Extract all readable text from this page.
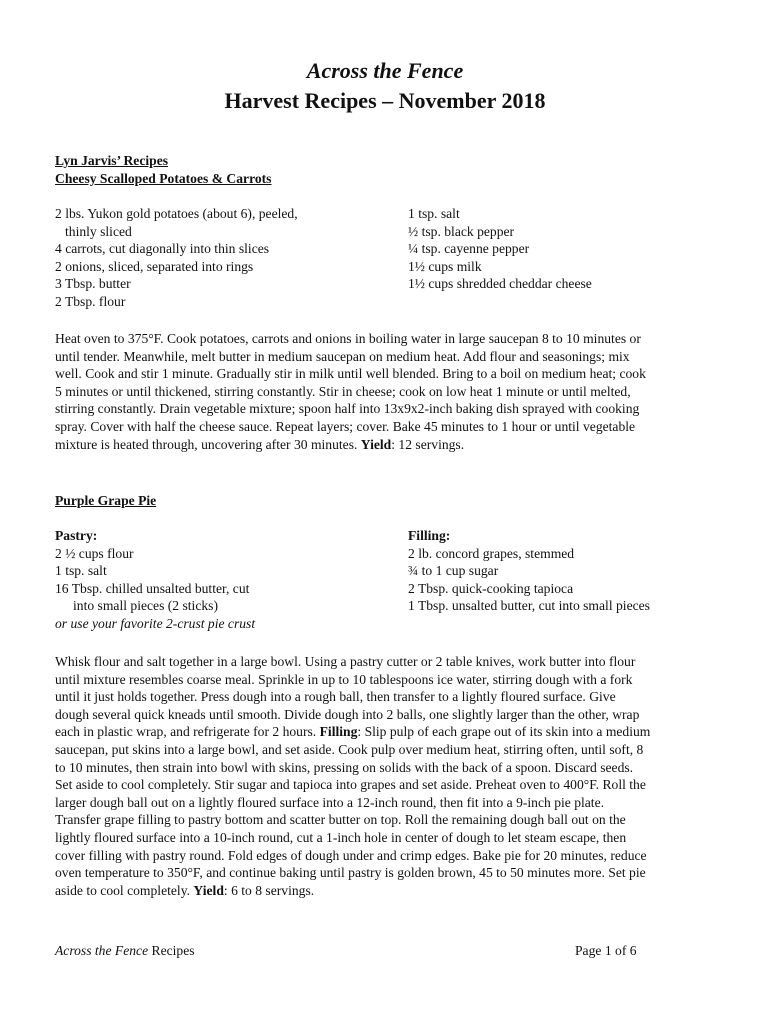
Across the Fence
Harvest Recipes – November 2018
Lyn Jarvis’ Recipes
Cheesy Scalloped Potatoes & Carrots
2 lbs. Yukon gold potatoes (about 6), peeled,
thinly sliced
4 carrots, cut diagonally into thin slices
2 onions, sliced, separated into rings
3 Tbsp. butter
2 Tbsp. flour
1 tsp. salt
½ tsp. black pepper
¼ tsp. cayenne pepper
1½ cups milk
1½ cups shredded cheddar cheese
Heat oven to 375°F. Cook potatoes, carrots and onions in boiling water in large saucepan 8 to 10 minutes or
until tender. Meanwhile, melt butter in medium saucepan on medium heat. Add flour and seasonings; mix
well. Cook and stir 1 minute. Gradually stir in milk until well blended. Bring to a boil on medium heat; cook
5 minutes or until thickened, stirring constantly. Stir in cheese; cook on low heat 1 minute or until melted,
stirring constantly. Drain vegetable mixture; spoon half into 13x9x2-inch baking dish sprayed with cooking
spray. Cover with half the cheese sauce. Repeat layers; cover. Bake 45 minutes to 1 hour or until vegetable
mixture is heated through, uncovering after 30 minutes. Yield: 12 servings.
Purple Grape Pie
Pastry:
2 ½ cups flour
1 tsp. salt
16 Tbsp. chilled unsalted butter, cut
into small pieces (2 sticks)
or use your favorite 2-crust pie crust
Filling:
2 lb. concord grapes, stemmed
¾ to 1 cup sugar
2 Tbsp. quick-cooking tapioca
1 Tbsp. unsalted butter, cut into small pieces
Whisk flour and salt together in a large bowl. Using a pastry cutter or 2 table knives, work butter into flour
until mixture resembles coarse meal. Sprinkle in up to 10 tablespoons ice water, stirring dough with a fork
until it just holds together. Press dough into a rough ball, then transfer to a lightly floured surface. Give
dough several quick kneads until smooth. Divide dough into 2 balls, one slightly larger than the other, wrap
each in plastic wrap, and refrigerate for 2 hours. Filling: Slip pulp of each grape out of its skin into a medium
saucepan, put skins into a large bowl, and set aside. Cook pulp over medium heat, stirring often, until soft, 8
to 10 minutes, then strain into bowl with skins, pressing on solids with the back of a spoon. Discard seeds.
Set aside to cool completely. Stir sugar and tapioca into grapes and set aside. Preheat oven to 400°F. Roll the
larger dough ball out on a lightly floured surface into a 12-inch round, then fit into a 9-inch pie plate.
Transfer grape filling to pastry bottom and scatter butter on top. Roll the remaining dough ball out on the
lightly floured surface into a 10-inch round, cut a 1-inch hole in center of dough to let steam escape, then
cover filling with pastry round. Fold edges of dough under and crimp edges. Bake pie for 20 minutes, reduce
oven temperature to 350°F, and continue baking until pastry is golden brown, 45 to 50 minutes more. Set pie
aside to cool completely. Yield: 6 to 8 servings.
Across the Fence Recipes	Page 1 of 6
